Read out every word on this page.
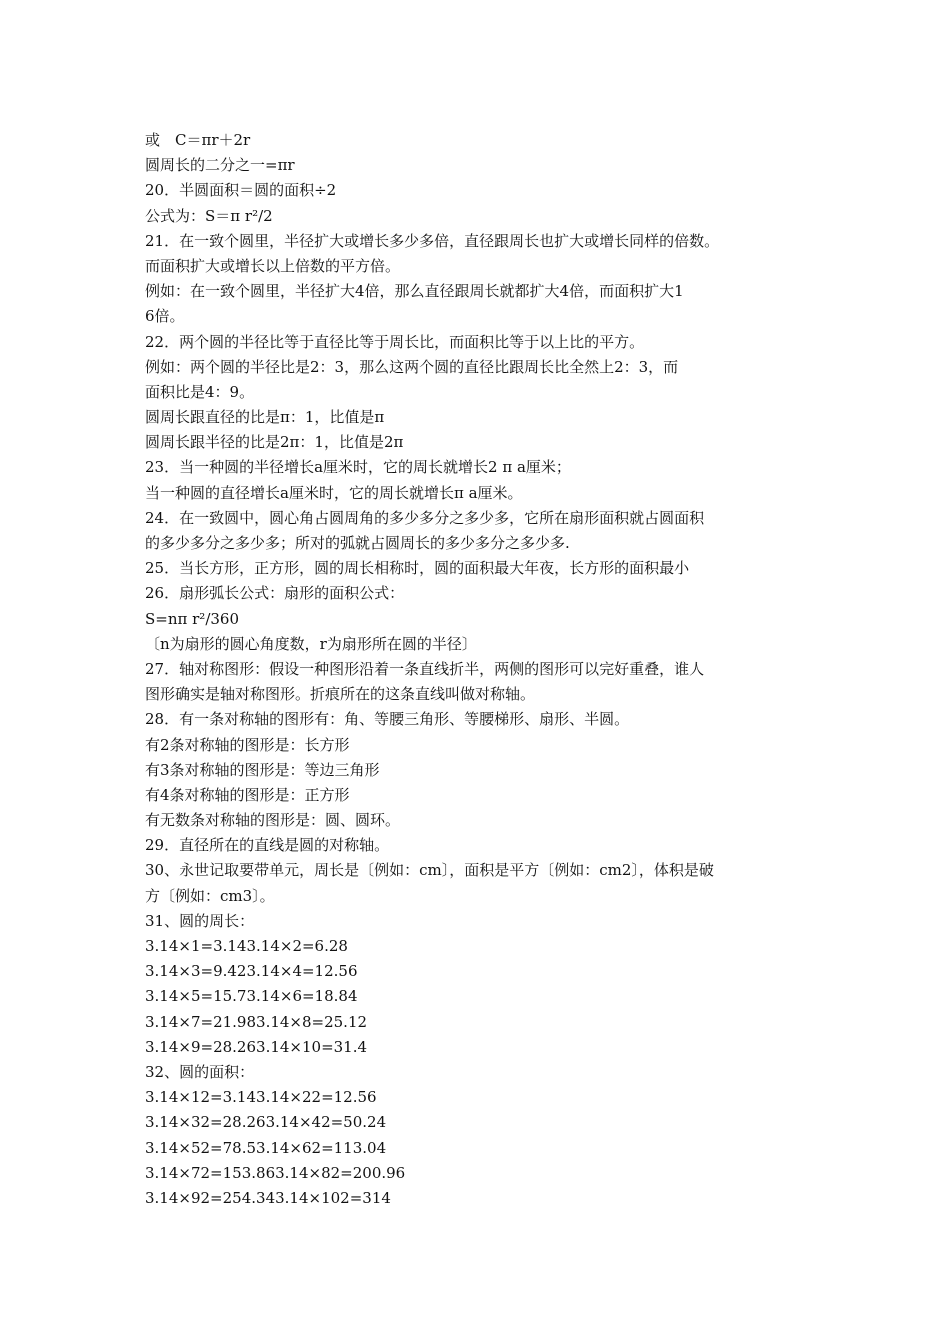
或　C＝πr＋2r
圆周长的二分之一=πr
20．半圆面积＝圆的面积÷2
公式为：S＝π r²/2
21．在一致个圆里，半径扩大或增长多少多倍，直径跟周长也扩大或增长同样的倍数。
而面积扩大或增长以上倍数的平方倍。
例如：在一致个圆里，半径扩大4倍，那么直径跟周长就都扩大4倍，而面积扩大1
6倍。
22．两个圆的半径比等于直径比等于周长比，而面积比等于以上比的平方。
例如：两个圆的半径比是2：3，那么这两个圆的直径比跟周长比全然上2：3，而
面积比是4：9。
圆周长跟直径的比是π：1，比值是π
圆周长跟半径的比是2π：1，比值是2π
23．当一种圆的半径增长a厘米时，它的周长就增长2 π a厘米；
当一种圆的直径增长a厘米时，它的周长就增长π a厘米。
24．在一致圆中，圆心角占圆周角的多少多分之多少多，它所在扇形面积就占圆面积
的多少多分之多少多；所对的弧就占圆周长的多少多分之多少多.
25．当长方形，正方形，圆的周长相称时，圆的面积最大年夜，长方形的面积最小
26．扇形弧长公式：扇形的面积公式：
S=nπ r²/360
〔n为扇形的圆心角度数，r为扇形所在圆的半径〕
27．轴对称图形：假设一种图形沿着一条直线折半，两侧的图形可以完好重叠，谁人
图形确实是轴对称图形。折痕所在的这条直线叫做对称轴。
28．有一条对称轴的图形有：角、等腰三角形、等腰梯形、扇形、半圆。
有2条对称轴的图形是：长方形
有3条对称轴的图形是：等边三角形
有4条对称轴的图形是：正方形
有无数条对称轴的图形是：圆、圆环。
29．直径所在的直线是圆的对称轴。
30、永世记取要带单元，周长是〔例如：cm〕，面积是平方〔例如：cm2〕，体积是破
方〔例如：cm3〕。
31、圆的周长：
3.14×1=3.143.14×2=6.28
3.14×3=9.423.14×4=12.56
3.14×5=15.73.14×6=18.84
3.14×7=21.983.14×8=25.12
3.14×9=28.263.14×10=31.4
32、圆的面积：
3.14×12=3.143.14×22=12.56
3.14×32=28.263.14×42=50.24
3.14×52=78.53.14×62=113.04
3.14×72=153.863.14×82=200.96
3.14×92=254.343.14×102=314
